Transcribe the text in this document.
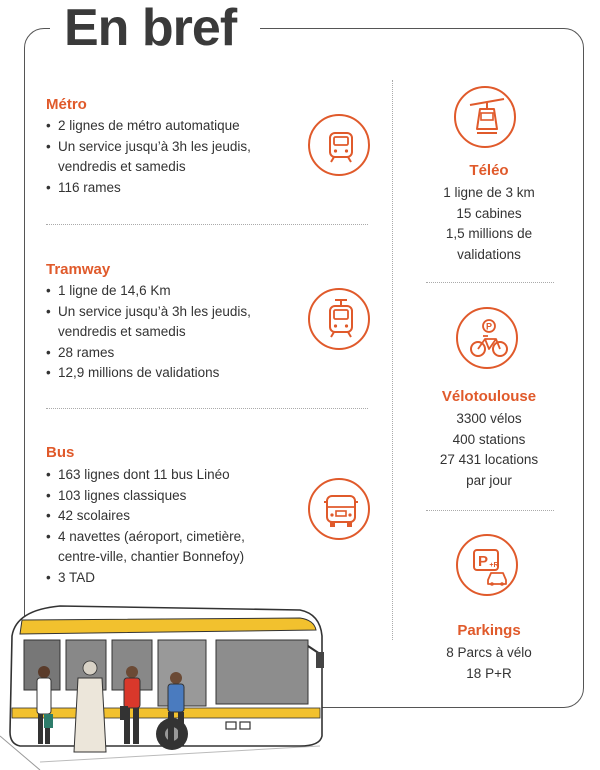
En bref
Métro
• 2 lignes de métro automatique
• Un service jusqu’à 3h les jeudis,
vendredis et samedis
• 116 rames
Tramway
• 1 ligne de 14,6 Km
• Un service jusqu’à 3h les jeudis,
vendredis et samedis
• 28 rames
• 12,9 millions de validations
Bus
• 163 lignes dont 11 bus Linéo
• 103 lignes classiques
• 42 scolaires
• 4 navettes (aéroport, cimetière,
centre-ville, chantier Bonnefoy)
• 3 TAD
Téléo
1 ligne de 3 km
15 cabines
1,5 millions de
validations
P
Vélotoulouse
3300 vélos
400 stations
27 431 locations
par jour
P +R
Parkings
8 Parcs à vélo
18 P+R
